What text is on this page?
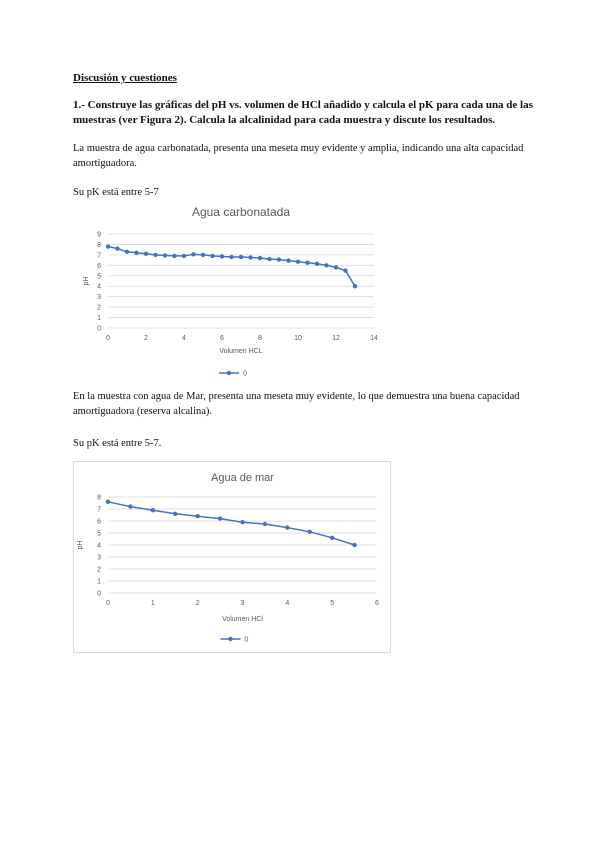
Discusión y cuestiones
1.- Construye las gráficas del pH vs. volumen de HCl añadido y calcula el pK para cada una de las muestras (ver Figura 2). Calcula la alcalinidad para cada muestra y discute los resultados.
La muestra de agua carbonatada, presenta una meseta muy evidente y amplia, indicando una alta capacidad amortiguadora.
Su pK está entre 5-7
Agua carbonatada
0
1
2
3
4
5
6
7
8
9
0	2	4	6	8	10	12	14
Volumen HCL
pH
0
En la muestra con agua de Mar, presenta una meseta muy evidente, lo que demuestra una buena capacidad amortiguadora (reserva alcalina).
Su pK está entre 5-7.
Agua de mar
0
1
2
3
4
5
6
7
8
0	1	2	3	4	5	6
Volumen HCl
pH
0
